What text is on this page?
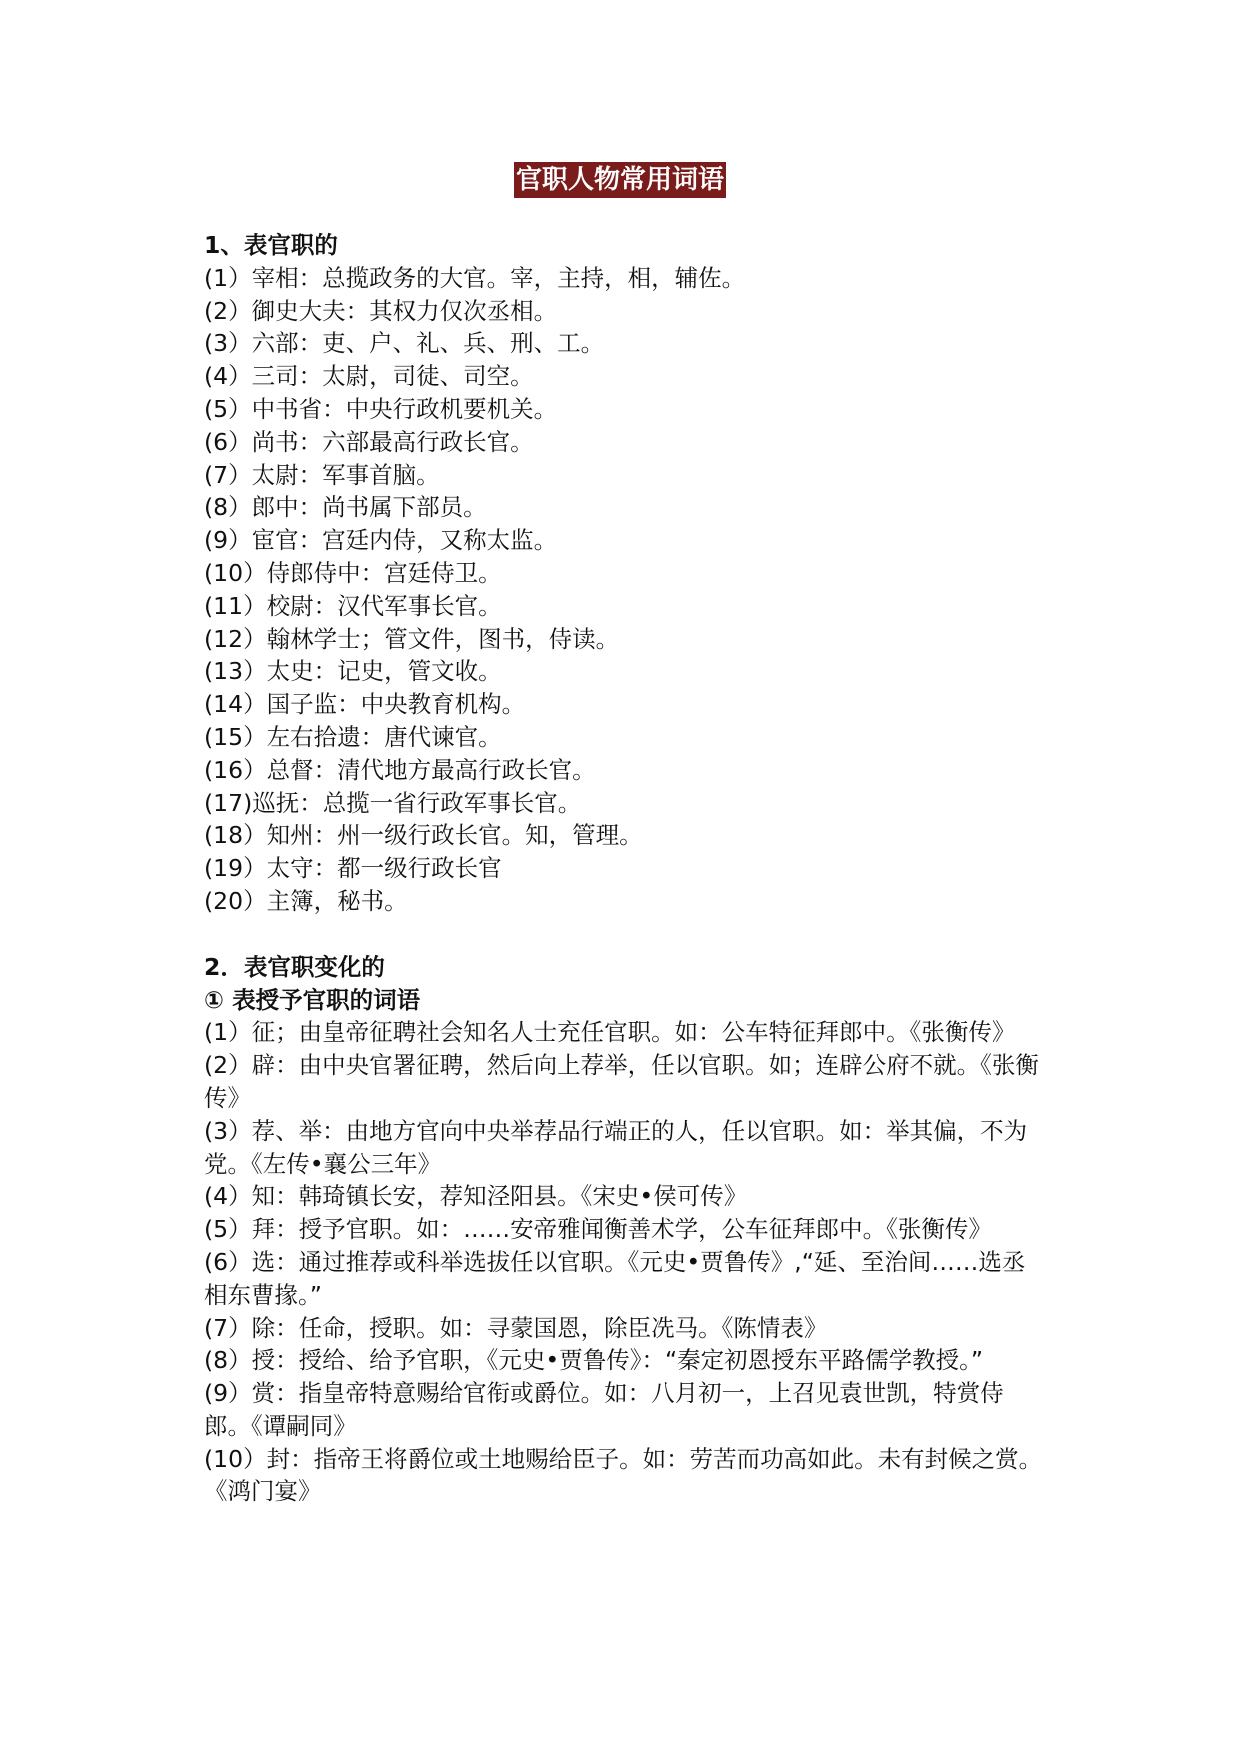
官职人物常用词语
1、表官职的
(1）宰相：总揽政务的大官。宰，主持，相，辅佐。
(2）御史大夫：其权力仅次丞相。
(3）六部：吏、户、礼、兵、刑、工。
(4）三司：太尉，司徒、司空。
(5）中书省：中央行政机要机关。
(6）尚书：六部最高行政长官。
(7）太尉：军事首脑。
(8）郎中：尚书属下部员。
(9）宦官：宫廷内侍，又称太监。
(10）侍郎侍中：宫廷侍卫。
(11）校尉：汉代军事长官。
(12）翰林学士；管文件，图书，侍读。
(13）太史：记史，管文收。
(14）国子监：中央教育机构。
(15）左右拾遗：唐代谏官。
(16）总督：清代地方最高行政长官。
(17)巡抚：总揽一省行政军事长官。
(18）知州：州一级行政长官。知，管理。
(19）太守：都一级行政长官
(20）主簿，秘书。
2．表官职变化的
① 表授予官职的词语
(1）征；由皇帝征聘社会知名人士充任官职。如：公车特征拜郎中。《张衡传》
(2）辟：由中央官署征聘，然后向上荐举，任以官职。如；连辟公府不就。《张衡传》
(3）荐、举：由地方官向中央举荐品行端正的人，任以官职。如：举其偏，不为党。《左传•襄公三年》
(4）知：韩琦镇长安，荐知泾阳县。《宋史•侯可传》
(5）拜：授予官职。如：……安帝雅闻衡善术学，公车征拜郎中。《张衡传》
(6）选：通过推荐或科举选拔任以官职。《元史•贾鲁传》,“延、至治间……选丞相东曹掾。”
(7）除：任命，授职。如：寻蒙国恩，除臣冼马。《陈情表》
(8）授：授给、给予官职，《元史•贾鲁传》：“秦定初恩授东平路儒学教授。”
(9）赏：指皇帝特意赐给官衔或爵位。如：八月初一，上召见袁世凯，特赏侍郎。《谭嗣同》
(10）封：指帝王将爵位或土地赐给臣子。如：劳苦而功高如此。未有封候之赏。《鸿门宴》
